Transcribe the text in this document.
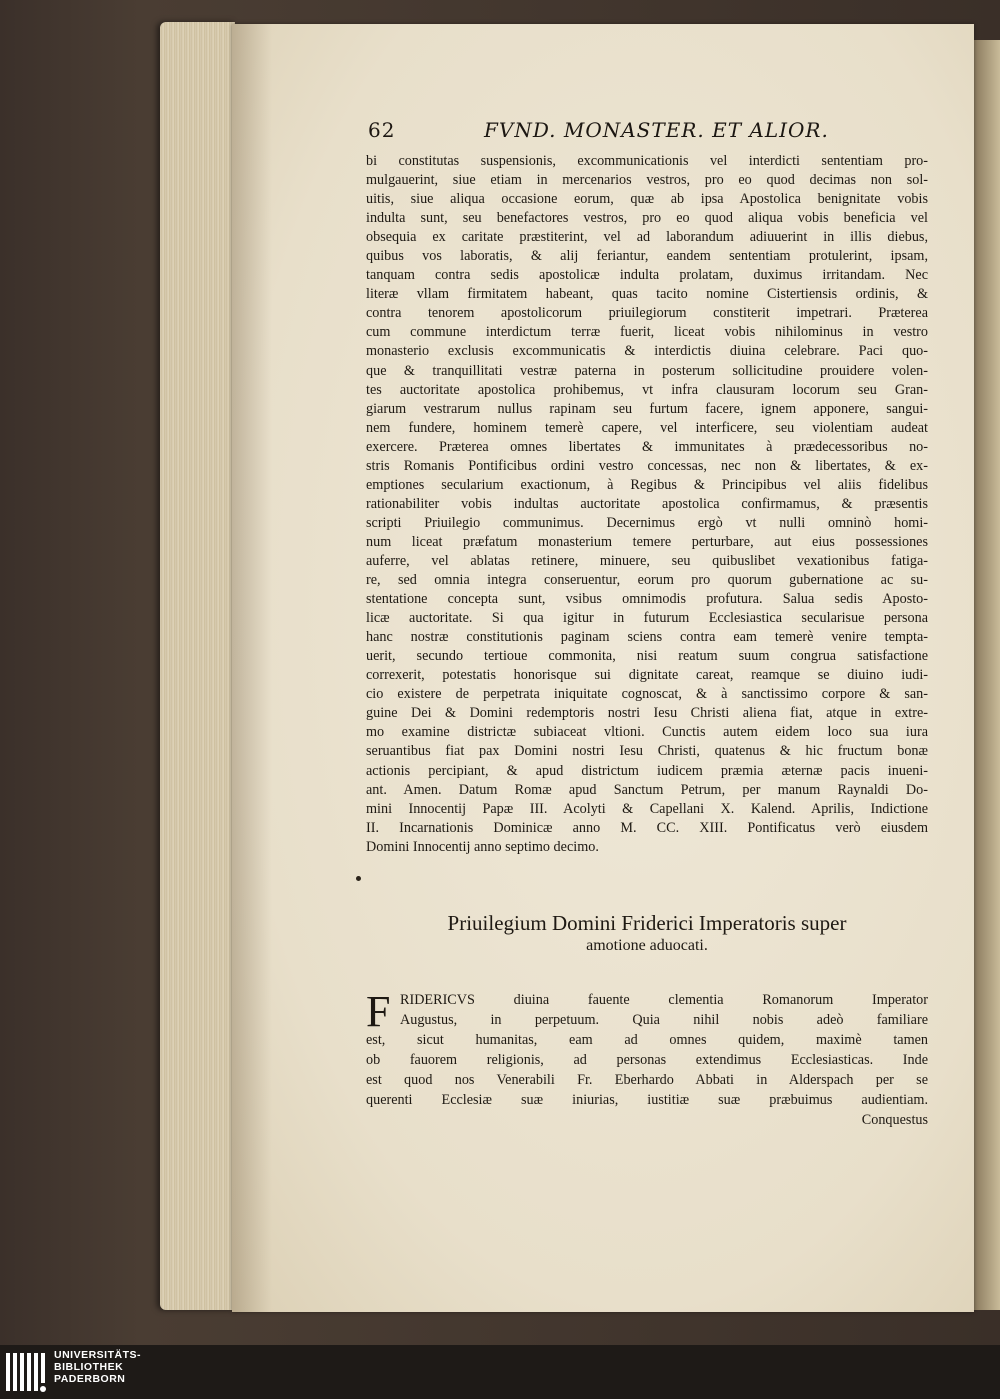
62	FVND. MONASTER. ET ALIOR.
bi constitutas suspensionis, excommunicationis vel interdicti sententiam pro-
mulgauerint, siue etiam in mercenarios vestros, pro eo quod decimas non sol-
uitis, siue aliqua occasione eorum, quæ ab ipsa Apostolica benignitate vobis
indulta sunt, seu benefactores vestros, pro eo quod aliqua vobis beneficia vel
obsequia ex caritate præstiterint, vel ad laborandum adiuuerint in illis diebus,
quibus vos laboratis, & alij feriantur, eandem sententiam protulerint, ipsam,
tanquam contra sedis apostolicæ indulta prolatam, duximus irritandam. Nec
literæ vllam firmitatem habeant, quas tacito nomine Cistertiensis ordinis, &
contra tenorem apostolicorum priuilegiorum constiterit impetrari. Præterea
cum commune interdictum terræ fuerit, liceat vobis nihilominus in vestro
monasterio exclusis excommunicatis & interdictis diuina celebrare. Paci quo-
que & tranquillitati vestræ paterna in posterum sollicitudine prouidere volen-
tes auctoritate apostolica prohibemus, vt infra clausuram locorum seu Gran-
giarum vestrarum nullus rapinam seu furtum facere, ignem apponere, sangui-
nem fundere, hominem temerè capere, vel interficere, seu violentiam audeat
exercere. Præterea omnes libertates & immunitates à prædecessoribus no-
stris Romanis Pontificibus ordini vestro concessas, nec non & libertates, & ex-
emptiones secularium exactionum, à Regibus & Principibus vel aliis fidelibus
rationabiliter vobis indultas auctoritate apostolica confirmamus, & præsentis
scripti Priuilegio communimus. Decernimus ergò vt nulli omninò homi-
num liceat præfatum monasterium temere perturbare, aut eius possessiones
auferre, vel ablatas retinere, minuere, seu quibuslibet vexationibus fatiga-
re, sed omnia integra conseruentur, eorum pro quorum gubernatione ac su-
stentatione concepta sunt, vsibus omnimodis profutura. Salua sedis Aposto-
licæ auctoritate. Si qua igitur in futurum Ecclesiastica secularisue persona
hanc nostræ constitutionis paginam sciens contra eam temerè venire tempta-
uerit, secundo tertioue commonita, nisi reatum suum congrua satisfactione
correxerit, potestatis honorisque sui dignitate careat, reamque se diuino iudi-
cio existere de perpetrata iniquitate cognoscat, & à sanctissimo corpore & san-
guine Dei & Domini redemptoris nostri Iesu Christi aliena fiat, atque in extre-
mo examine districtæ subiaceat vltioni. Cunctis autem eidem loco sua iura
seruantibus fiat pax Domini nostri Iesu Christi, quatenus & hic fructum bonæ
actionis percipiant, & apud districtum iudicem præmia æternæ pacis inueni-
ant. Amen. Datum Romæ apud Sanctum Petrum, per manum Raynaldi Do-
mini Innocentij Papæ III. Acolyti & Capellani X. Kalend. Aprilis, Indictione
II. Incarnationis Dominicæ anno M. CC. XIII. Pontificatus verò eiusdem
Domini Innocentij anno septimo decimo.
Priuilegium Domini Friderici Imperatoris super
amotione aduocati.
F RIDERICVS diuina fauente clementia Romanorum Imperator
Augustus, in perpetuum. Quia nihil nobis adeò familiare
est, sicut humanitas, eam ad omnes quidem, maximè tamen
ob fauorem religionis, ad personas extendimus Ecclesiasticas. Inde
est quod nos Venerabili Fr. Eberhardo Abbati in Alderspach per se
querenti Ecclesiæ suæ iniurias, iustitiæ suæ præbuimus audientiam.
Conquestus
UNIVERSITÄTS-
BIBLIOTHEK
PADERBORN
